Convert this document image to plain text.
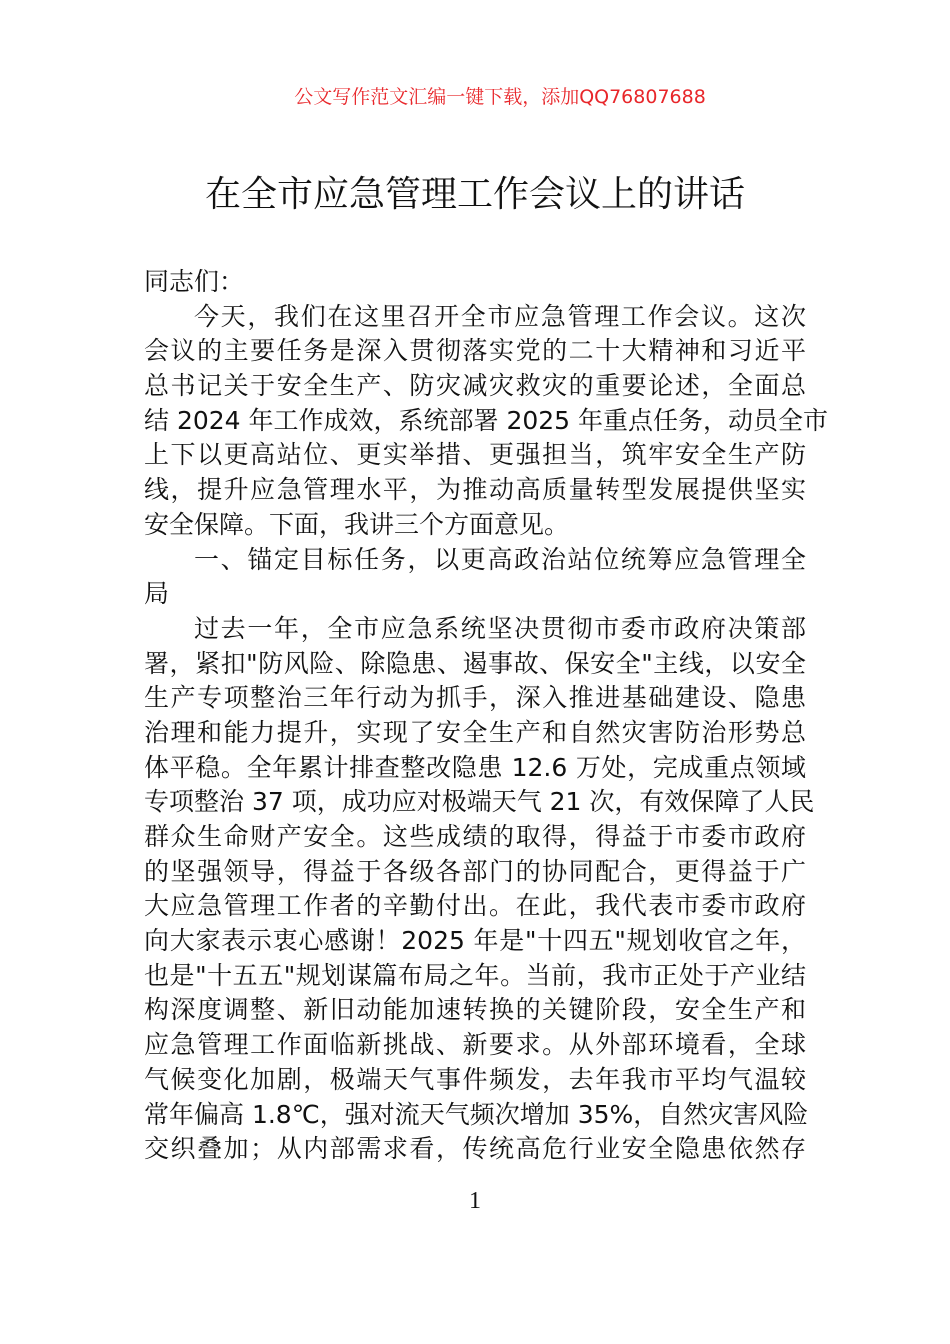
公文写作范文汇编一键下载，添加QQ76807688
在全市应急管理工作会议上的讲话
同志们：
今天，我们在这里召开全市应急管理工作会议。这次
会议的主要任务是深入贯彻落实党的二十大精神和习近平
总书记关于安全生产、防灾减灾救灾的重要论述，全面总
结 2024 年工作成效，系统部署 2025 年重点任务，动员全市
上下以更高站位、更实举措、更强担当，筑牢安全生产防
线，提升应急管理水平，为推动高质量转型发展提供坚实
安全保障。下面，我讲三个方面意见。
一、锚定目标任务，以更高政治站位统筹应急管理全
局
过去一年，全市应急系统坚决贯彻市委市政府决策部
署，紧扣"防风险、除隐患、遏事故、保安全"主线，以安全
生产专项整治三年行动为抓手，深入推进基础建设、隐患
治理和能力提升，实现了安全生产和自然灾害防治形势总
体平稳。全年累计排查整改隐患 12.6 万处，完成重点领域
专项整治 37 项，成功应对极端天气 21 次，有效保障了人民
群众生命财产安全。这些成绩的取得，得益于市委市政府
的坚强领导，得益于各级各部门的协同配合，更得益于广
大应急管理工作者的辛勤付出。在此，我代表市委市政府
向大家表示衷心感谢！2025 年是"十四五"规划收官之年，
也是"十五五"规划谋篇布局之年。当前，我市正处于产业结
构深度调整、新旧动能加速转换的关键阶段，安全生产和
应急管理工作面临新挑战、新要求。从外部环境看，全球
气候变化加剧，极端天气事件频发，去年我市平均气温较
常年偏高 1.8℃，强对流天气频次增加 35%，自然灾害风险
交织叠加；从内部需求看，传统高危行业安全隐患依然存
1
